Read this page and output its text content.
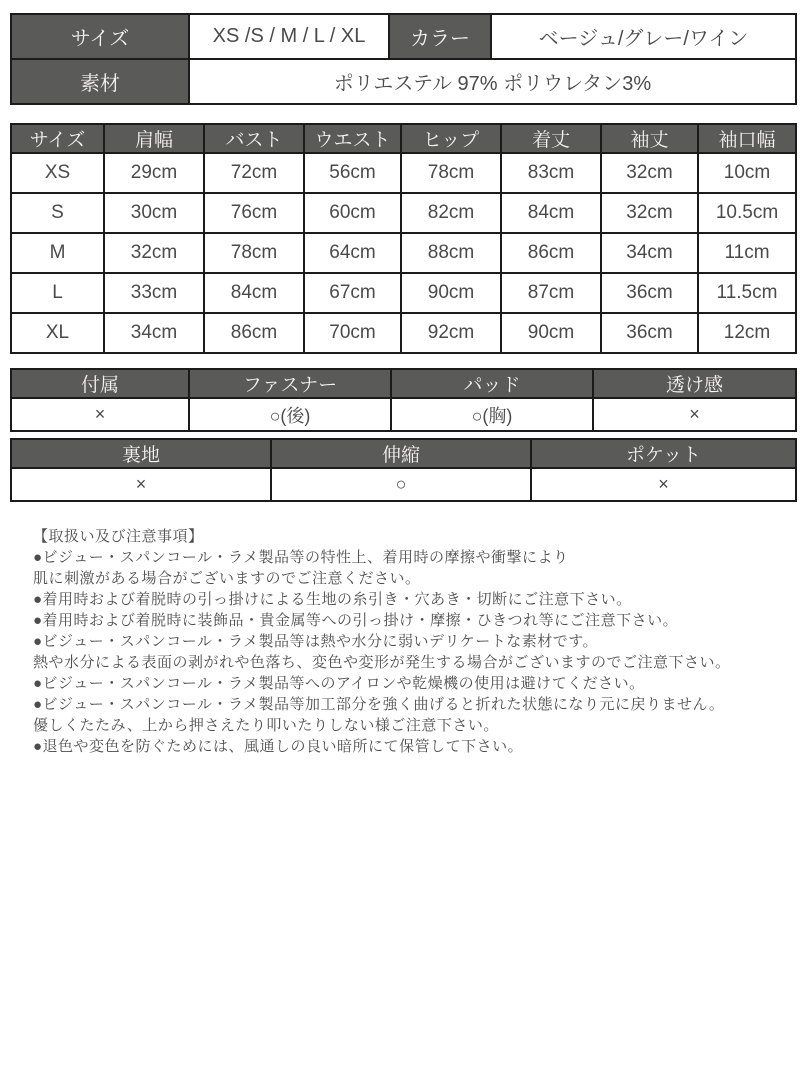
サイズ	XS /S / M / L / XL	カラー	ベージュ/グレー/ワイン
素材	ポリエステル 97% ポリウレタン3%		
サイズ	肩幅	バスト	ウエスト	ヒップ	着丈	袖丈	袖口幅
XS	29cm	72cm	56cm	78cm	83cm	32cm	10cm
S	30cm	76cm	60cm	82cm	84cm	32cm	10.5cm
M	32cm	78cm	64cm	88cm	86cm	34cm	11cm
L	33cm	84cm	67cm	90cm	87cm	36cm	11.5cm
XL	34cm	86cm	70cm	92cm	90cm	36cm	12cm
付属	ファスナー	パッド	透け感
×	○(後)	○(胸)	×
裏地	伸縮	ポケット
×	○	×
【取扱い及び注意事項】
●ビジュー・スパンコール・ラメ製品等の特性上、着用時の摩擦や衝撃により
肌に刺激がある場合がございますのでご注意ください。
●着用時および着脱時の引っ掛けによる生地の糸引き・穴あき・切断にご注意下さい。
●着用時および着脱時に装飾品・貴金属等への引っ掛け・摩擦・ひきつれ等にご注意下さい。
●ビジュー・スパンコール・ラメ製品等は熱や水分に弱いデリケートな素材です。
熱や水分による表面の剥がれや色落ち、変色や変形が発生する場合がございますのでご注意下さい。
●ビジュー・スパンコール・ラメ製品等へのアイロンや乾燥機の使用は避けてください。
●ビジュー・スパンコール・ラメ製品等加工部分を強く曲げると折れた状態になり元に戻りません。
優しくたたみ、上から押さえたり叩いたりしない様ご注意下さい。
●退色や変色を防ぐためには、風通しの良い暗所にて保管して下さい。
